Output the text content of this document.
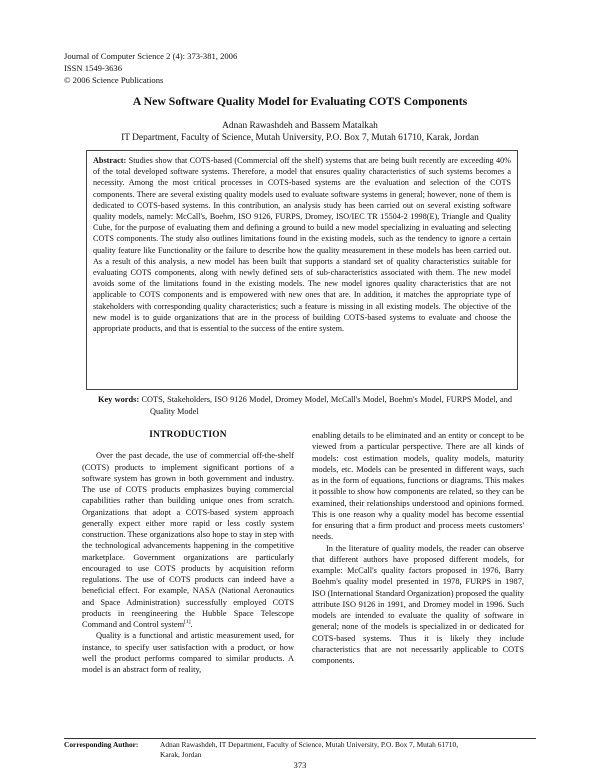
Journal of Computer Science 2 (4): 373-381, 2006
ISSN 1549-3636
© 2006 Science Publications
A New Software Quality Model for Evaluating COTS Components
Adnan Rawashdeh and Bassem Matalkah
IT Department, Faculty of Science, Mutah University, P.O. Box 7, Mutah 61710, Karak, Jordan
Abstract: Studies show that COTS-based (Commercial off the shelf) systems that are being built recently are exceeding 40% of the total developed software systems. Therefore, a model that ensures quality characteristics of such systems becomes a necessity. Among the most critical processes in COTS-based systems are the evaluation and selection of the COTS components. There are several existing quality models used to evaluate software systems in general; however, none of them is dedicated to COTS-based systems. In this contribution, an analysis study has been carried out on several existing software quality models, namely: McCall's, Boehm, ISO 9126, FURPS, Dromey, ISO/IEC TR 15504-2 1998(E), Triangle and Quality Cube, for the purpose of evaluating them and defining a ground to build a new model specializing in evaluating and selecting COTS components. The study also outlines limitations found in the existing models, such as the tendency to ignore a certain quality feature like Functionality or the failure to describe how the quality measurement in these models has been carried out. As a result of this analysis, a new model has been built that supports a standard set of quality characteristics suitable for evaluating COTS components, along with newly defined sets of sub-characteristics associated with them. The new model avoids some of the limitations found in the existing models. The new model ignores quality characteristics that are not applicable to COTS components and is empowered with new ones that are. In addition, it matches the appropriate type of stakeholders with corresponding quality characteristics; such a feature is missing in all existing models. The objective of the new model is to guide organizations that are in the process of building COTS-based systems to evaluate and choose the appropriate products, and that is essential to the success of the entire system.
Key words: COTS, Stakeholders, ISO 9126 Model, Dromey Model, McCall's Model, Boehm's Model, FURPS Model, and Quality Model
INTRODUCTION

Over the past decade, the use of commercial off-the-shelf (COTS) products to implement significant portions of a software system has grown in both government and industry. The use of COTS products emphasizes buying commercial capabilities rather than building unique ones from scratch. Organizations that adopt a COTS-based system approach generally expect either more rapid or less costly system construction. These organizations also hope to stay in step with the technological advancements happening in the competitive marketplace. Government organizations are particularly encouraged to use COTS products by acquisition reform regulations. The use of COTS products can indeed have a beneficial effect. For example, NASA (National Aeronautics and Space Administration) successfully employed COTS products in reengineering the Hubble Space Telescope Command and Control system[1].

Quality is a functional and artistic measurement used, for instance, to specify user satisfaction with a product, or how well the product performs compared to similar products. A model is an abstract form of reality,

enabling details to be eliminated and an entity or concept to be viewed from a particular perspective. There are all kinds of models: cost estimation models, quality models, maturity models, etc. Models can be presented in different ways, such as in the form of equations, functions or diagrams. This makes it possible to show how components are related, so they can be examined, their relationships understood and opinions formed. This is one reason why a quality model has become essential for ensuring that a firm product and process meets customers' needs.

In the literature of quality models, the reader can observe that different authors have proposed different models, for example: McCall's quality factors proposed in 1976, Barry Boehm's quality model presented in 1978, FURPS in 1987, ISO (International Standard Organization) proposed the quality attribute ISO 9126 in 1991, and Dromey model in 1996. Such models are intended to evaluate the quality of software in general; none of the models is specialized in or dedicated for COTS-based systems. Thus it is likely they include characteristics that are not necessarily applicable to COTS components.

Corresponding Author:	Adnan Rawashdeh, IT Department, Faculty of Science, Mutah University, P.O. Box 7, Mutah 61710,
Karak, Jordan
373
